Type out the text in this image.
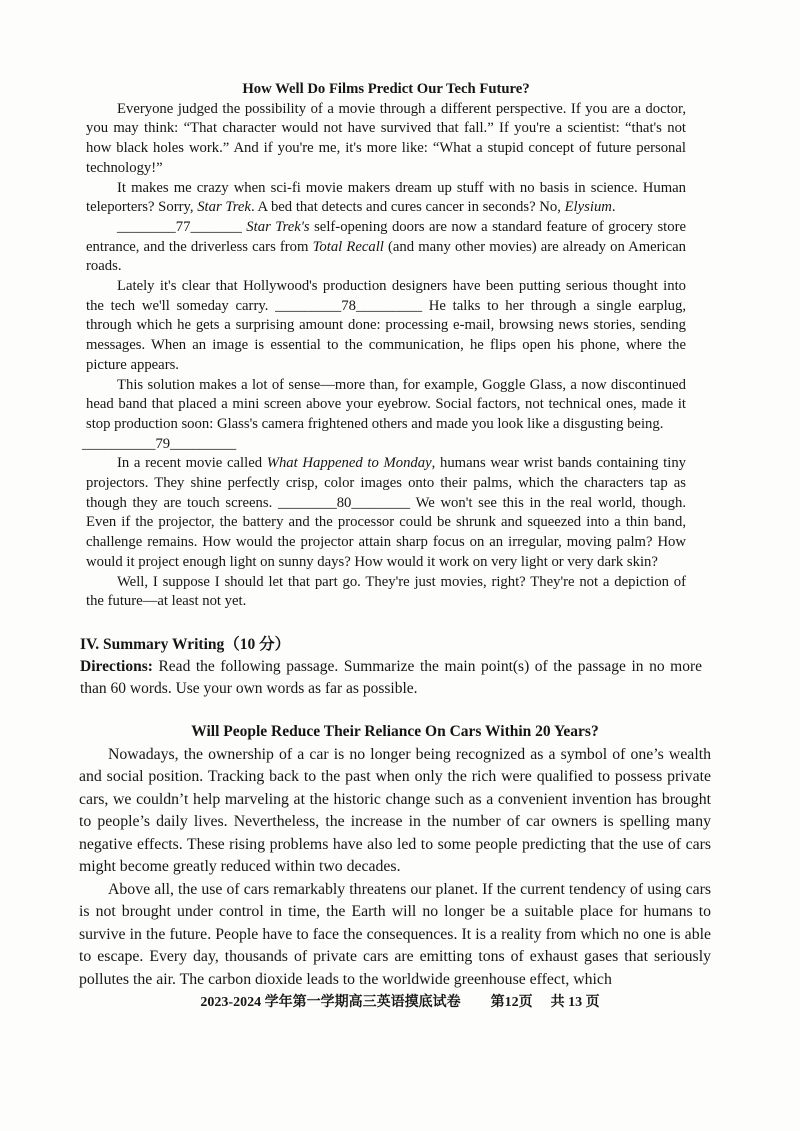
How Well Do Films Predict Our Tech Future?

Everyone judged the possibility of a movie through a different perspective. If you are a doctor, you may think: “That character would not have survived that fall.” If you're a scientist: “that's not how black holes work.” And if you're me, it's more like: “What a stupid concept of future personal technology!”

It makes me crazy when sci-fi movie makers dream up stuff with no basis in science. Human teleporters? Sorry, Star Trek. A bed that detects and cures cancer in seconds? No, Elysium.

________77_______ Star Trek's self-opening doors are now a standard feature of grocery store entrance, and the driverless cars from Total Recall (and many other movies) are already on American roads.

Lately it's clear that Hollywood's production designers have been putting serious thought into the tech we'll someday carry. _________78_________ He talks to her through a single earplug, through which he gets a surprising amount done: processing e-mail, browsing news stories, sending messages. When an image is essential to the communication, he flips open his phone, where the picture appears.

This solution makes a lot of sense—more than, for example, Goggle Glass, a now discontinued head band that placed a mini screen above your eyebrow. Social factors, not technical ones, made it stop production soon: Glass's camera frightened others and made you look like a disgusting being.

__________79_________

In a recent movie called What Happened to Monday, humans wear wrist bands containing tiny projectors. They shine perfectly crisp, color images onto their palms, which the characters tap as though they are touch screens. ________80________ We won't see this in the real world, though. Even if the projector, the battery and the processor could be shrunk and squeezed into a thin band, challenge remains. How would the projector attain sharp focus on an irregular, moving palm? How would it project enough light on sunny days? How would it work on very light or very dark skin?

Well, I suppose I should let that part go. They're just movies, right? They're not a depiction of the future—at least not yet.

IV. Summary Writing（10 分）

Directions: Read the following passage. Summarize the main point(s) of the passage in no more than 60 words. Use your own words as far as possible.

Will People Reduce Their Reliance On Cars Within 20 Years?

Nowadays, the ownership of a car is no longer being recognized as a symbol of one’s wealth and social position. Tracking back to the past when only the rich were qualified to possess private cars, we couldn’t help marveling at the historic change such as a convenient invention has brought to people’s daily lives. Nevertheless, the increase in the number of car owners is spelling many negative effects. These rising problems have also led to some people predicting that the use of cars might become greatly reduced within two decades.

Above all, the use of cars remarkably threatens our planet. If the current tendency of using cars is not brought under control in time, the Earth will no longer be a suitable place for humans to survive in the future. People have to face the consequences. It is a reality from which no one is able to escape. Every day, thousands of private cars are emitting tons of exhaust gases that seriously pollutes the air. The carbon dioxide leads to the worldwide greenhouse effect, which

2023-2024 学年第一学期高三英语摸底试卷 第12页 共 13 页
